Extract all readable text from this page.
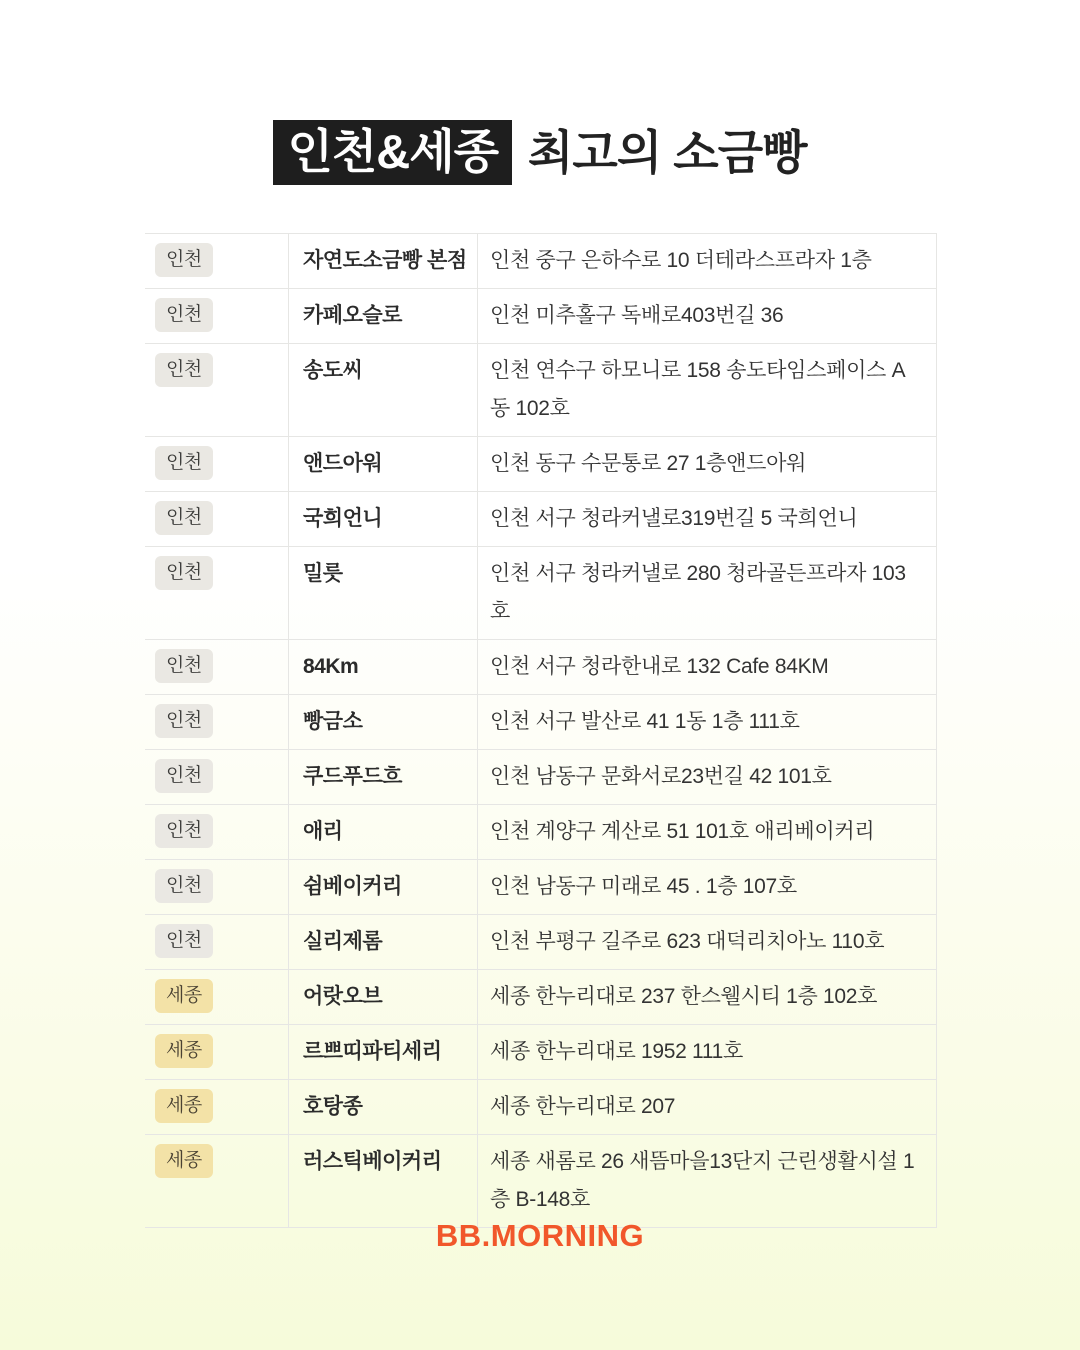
인천&세종 최고의 소금빵
인천	자연도소금빵 본점	인천 중구 은하수로 10 더테라스프라자 1층
인천	카페오슬로	인천 미추홀구 독배로403번길 36
인천	송도씨	인천 연수구 하모니로 158 송도타임스페이스 A동 102호
인천	앤드아워	인천 동구 수문통로 27 1층앤드아워
인천	국희언니	인천 서구 청라커낼로319번길 5 국희언니
인천	밀릇	인천 서구 청라커낼로 280 청라골든프라자 103호
인천	84Km	인천 서구 청라한내로 132 Cafe 84KM
인천	빵금소	인천 서구 발산로 41 1동 1층 111호
인천	쿠드푸드흐	인천 남동구 문화서로23번길 42 101호
인천	애리	인천 계양구 계산로 51 101호 애리베이커리
인천	쉼베이커리	인천 남동구 미래로 45 . 1층 107호
인천	실리제롬	인천 부평구 길주로 623 대덕리치아노 110호
세종	어랏오브	세종 한누리대로 237 한스웰시티 1층 102호
세종	르쁘띠파티세리	세종 한누리대로 1952 111호
세종	호탕종	세종 한누리대로 207
세종	러스틱베이커리	세종 새롬로 26 새뜸마을13단지 근린생활시설 1층 B-148호
BB.MORNING
